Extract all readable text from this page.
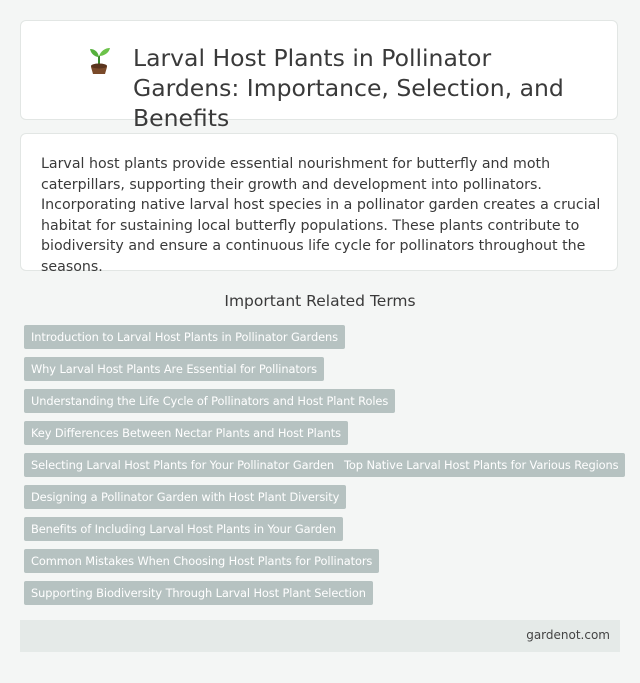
Larval Host Plants in Pollinator Gardens: Importance, Selection, and Benefits

Larval host plants provide essential nourishment for butterfly and moth caterpillars, supporting their growth and development into pollinators. Incorporating native larval host species in a pollinator garden creates a crucial habitat for sustaining local butterfly populations. These plants contribute to biodiversity and ensure a continuous life cycle for pollinators throughout the seasons.

Important Related Terms
Introduction to Larval Host Plants in Pollinator Gardens
Why Larval Host Plants Are Essential for Pollinators
Understanding the Life Cycle of Pollinators and Host Plant Roles
Key Differences Between Nectar Plants and Host Plants
Selecting Larval Host Plants for Your Pollinator Garden Top Native Larval Host Plants for Various Regions
Designing a Pollinator Garden with Host Plant Diversity
Benefits of Including Larval Host Plants in Your Garden
Common Mistakes When Choosing Host Plants for Pollinators
Supporting Biodiversity Through Larval Host Plant Selection
gardenot.com
